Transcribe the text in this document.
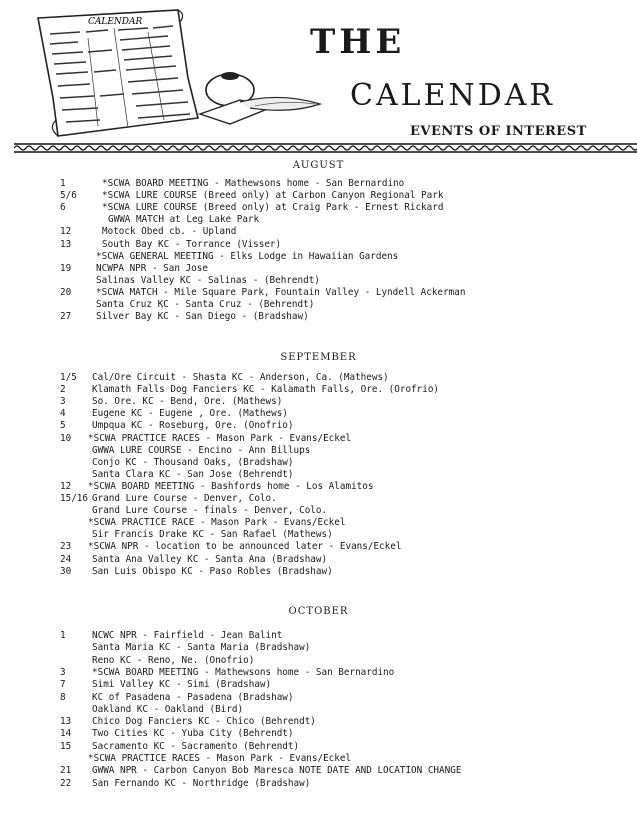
CALENDAR	THE
CALENDAR
EVENTS OF INTEREST
AUGUST
1	*SCWA BOARD MEETING - Mathewsons home - San Bernardino
5/6	*SCWA LURE COURSE (Breed only) at Carbon Canyon Regional Park
6	*SCWA LURE COURSE (Breed only) at Craig Park - Ernest Rickard
GWWA MATCH at Leg Lake Park
12	Motock Obed cb. - Upland
13	South Bay KC - Torrance (Visser)
*SCWA GENERAL MEETING - Elks Lodge in Hawaiian Gardens
19	NCWPA NPR - San Jose
Salinas Valley KC - Salinas - (Behrendt)
20	*SCWA MATCH - Mile Square Park, Fountain Valley - Lyndell Ackerman
Santa Cruz KC - Santa Cruz - (Behrendt)
27	Silver Bay KC - San Diego - (Bradshaw)
SEPTEMBER
1/5	Cal/Ore Circuit - Shasta KC - Anderson, Ca. (Mathews)
2	Klamath Falls Dog Fanciers KC - Kalamath Falls, Ore. (Orofrio)
3	So. Ore. KC - Bend, Ore. (Mathews)
4	Eugene KC - Eugene , Ore. (Mathews)
5	Umpqua KC - Roseburg, Ore. (Onofrio)
10	*SCWA PRACTICE RACES - Mason Park - Evans/Eckel
GWWA LURE COURSE - Encino - Ann Billups
Conjo KC - Thousand Oaks, (Bradshaw)
Santa Clara KC - San Jose (Behrendt)
12	*SCWA BOARD MEETING - Bashfords home - Los Alamitos
15/16 Grand Lure Course - Denver, Colo.
Grand Lure Course - finals - Denver, Colo.
*SCWA PRACTICE RACE - Mason Park - Evans/Eckel
Sir Francis Drake KC - San Rafael (Mathews)
23	*SCWA NPR - location to be announced later - Evans/Eckel
24	Santa Ana Valley KC - Santa Ana (Bradshaw)
30	San Luis Obispo KC - Paso Robles (Bradshaw)
OCTOBER
1	NCWC NPR - Fairfield - Jean Balint
Santa Maria KC - Santa Maria (Bradshaw)
Reno KC - Reno, Ne. (Onofrio)
3	*SCWA BOARD MEETING - Mathewsons home - San Bernardino
7	Simi Valley KC - Simi (Bradshaw)
8	KC of Pasadena - Pasadena (Bradshaw)
Oakland KC - Oakland (Bird)
13	Chico Dog Fanciers KC - Chico (Behrendt)
14	Two Cities KC - Yuba City (Behrendt)
15	Sacramento KC - Sacramento (Behrendt)
*SCWA PRACTICE RACES - Mason Park - Evans/Eckel
21	GWWA NPR - Carbon Canyon Bob Maresca NOTE DATE AND LOCATION CHANGE
22	San Fernando KC - Northridge (Bradshaw)
